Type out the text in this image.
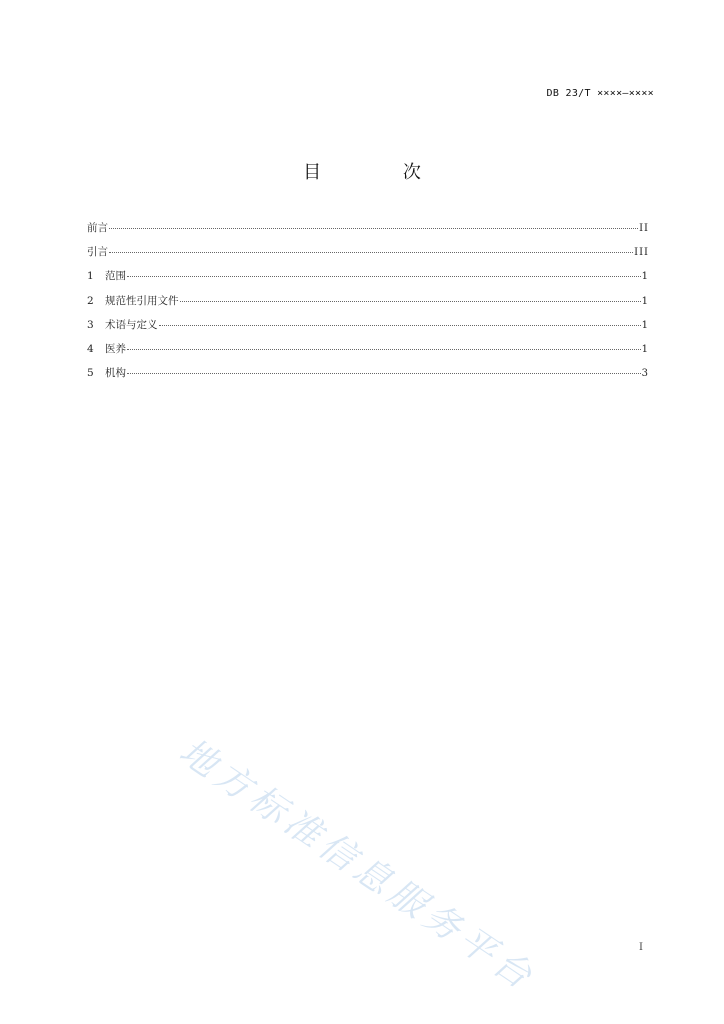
DB 23/T ××××—××××
目 次
前言	II
引言	III
1	范围	1
2	规范性引用文件	1
3	术语与定义	1
4	医养	1
5	机构	3
地方标准信息服务平台	I
